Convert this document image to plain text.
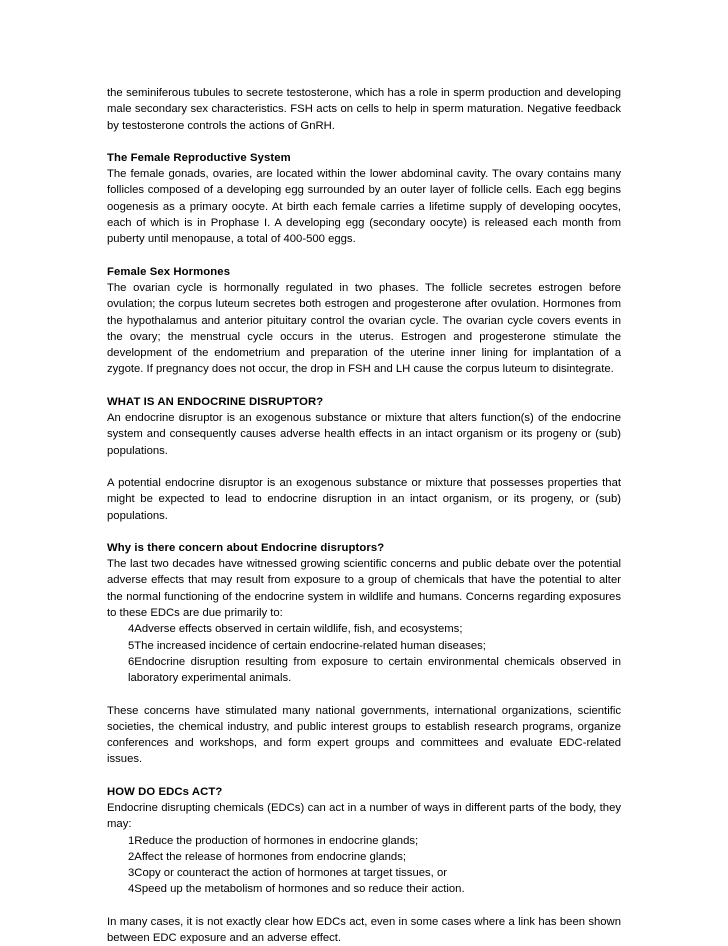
the seminiferous tubules to secrete testosterone, which has a role in sperm production and developing male secondary sex characteristics. FSH acts on cells to help in sperm maturation. Negative feedback by testosterone controls the actions of GnRH.

The Female Reproductive System

The female gonads, ovaries, are located within the lower abdominal cavity. The ovary contains many follicles composed of a developing egg surrounded by an outer layer of follicle cells. Each egg begins oogenesis as a primary oocyte. At birth each female carries a lifetime supply of developing oocytes, each of which is in Prophase I. A developing egg (secondary oocyte) is released each month from puberty until menopause, a total of 400-500 eggs.

Female Sex Hormones

The ovarian cycle is hormonally regulated in two phases. The follicle secretes estrogen before ovulation; the corpus luteum secretes both estrogen and progesterone after ovulation. Hormones from the hypothalamus and anterior pituitary control the ovarian cycle. The ovarian cycle covers events in the ovary; the menstrual cycle occurs in the uterus. Estrogen and progesterone stimulate the development of the endometrium and preparation of the uterine inner lining for implantation of a zygote. If pregnancy does not occur, the drop in FSH and LH cause the corpus luteum to disintegrate.

WHAT IS AN ENDOCRINE DISRUPTOR?

An endocrine disruptor is an exogenous substance or mixture that alters function(s) of the endocrine system and consequently causes adverse health effects in an intact organism or its progeny or (sub) populations.

A potential endocrine disruptor is an exogenous substance or mixture that possesses properties that might be expected to lead to endocrine disruption in an intact organism, or its progeny, or (sub) populations.

Why is there concern about Endocrine disruptors?

The last two decades have witnessed growing scientific concerns and public debate over the potential adverse effects that may result from exposure to a group of chemicals that have the potential to alter the normal functioning of the endocrine system in wildlife and humans. Concerns regarding exposures to these EDCs are due primarily to:

4Adverse effects observed in certain wildlife, fish, and ecosystems;
5The increased incidence of certain endocrine-related human diseases;
6Endocrine disruption resulting from exposure to certain environmental chemicals observed in laboratory experimental animals.

These concerns have stimulated many national governments, international organizations, scientific societies, the chemical industry, and public interest groups to establish research programs, organize conferences and workshops, and form expert groups and committees and evaluate EDC-related issues.

HOW DO EDCs ACT?

Endocrine disrupting chemicals (EDCs) can act in a number of ways in different parts of the body, they may:

1Reduce the production of hormones in endocrine glands;
2Affect the release of hormones from endocrine glands;
3Copy or counteract the action of hormones at target tissues, or
4Speed up the metabolism of hormones and so reduce their action.

In many cases, it is not exactly clear how EDCs act, even in some cases where a link has been shown between EDC exposure and an adverse effect.
